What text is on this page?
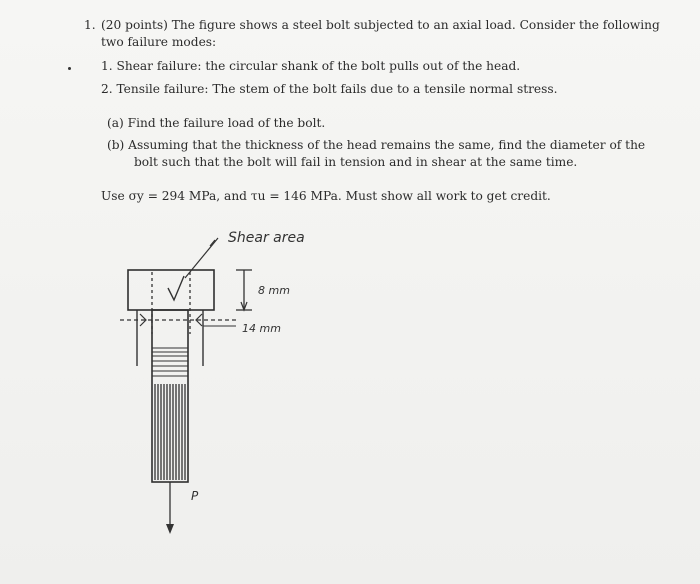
1. (20 points) The figure shows a steel bolt subjected to an axial load. Consider the following

two failure modes:

1. Shear failure: the circular shank of the bolt pulls out of the head.

2. Tensile failure: The stem of the bolt fails due to a tensile normal stress.

(a) Find the failure load of the bolt.

(b) Assuming that the thickness of the head remains the same, find the diameter of the

bolt such that the bolt will fail in tension and in shear at the same time.

Use σy = 294 MPa, and τu = 146 MPa. Must show all work to get credit.

Shear area
8 mm
14 mm
P
